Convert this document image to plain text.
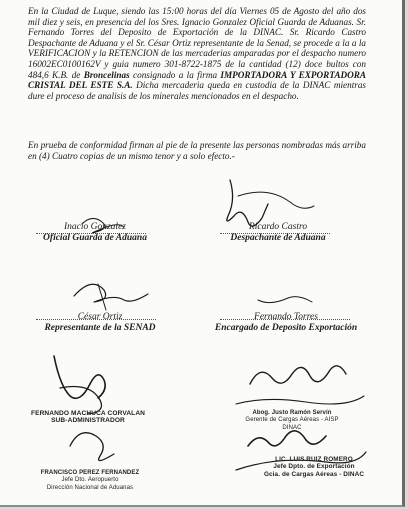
En la Ciudad de Luque, siendo las 15:00 horas del día Viernes 05 de Agosto del año dos mil diez y seis, en presencia del los Sres. Ignacio Gonzalez Oficial Guarda de Aduanas. Sr. Fernando Torres del Deposito de Exportación de la DINAC. Sr. Ricardo Castro Despachante de Aduana y el Sr. César Ortiz representante de la Senad, se procede a la a la VERIFICACION y la RETENCION de las mercaderias amparadas por el despacho numero 16002EC0100162V y guia numero 301-8722-1875 de la cantidad (12) doce bultos con 484,6 K.B. de Broncelinas consignado a la firma IMPORTADORA Y EXPORTADORA CRISTAL DEL ESTE S.A. Dicha mercaderia queda en custodia de la DINAC mientras dure el proceso de analisis de los minerales mencionados en el despacho.

En prueba de conformidad firman al pie de la presente las personas nombradas más arriba en (4) Cuatro copias de un mismo tenor y a solo efecto.-

Inacio Gonzalez
Oficial Guarda de Aduana
Ricardo Castro
Despachante de Aduana
César Ortiz
Representante de la SENAD
Fernando Torres
Encargado de Deposito Exportación
FERNANDO MACHUCA CORVALAN
SUB-ADMINISTRADOR
Abog. Justo Ramón Servín
Gerente de Cargas Aéreas - AISP
DINAC
FRANCISCO PEREZ FERNANDEZ
Jefe Dto. Aeropuerto
Dirección Nacional de Aduanas
LIC. LUIS RUIZ ROMERO
Jefe Dpto. de Exportación
Gcia. de Cargas Aéreas - DINAC
